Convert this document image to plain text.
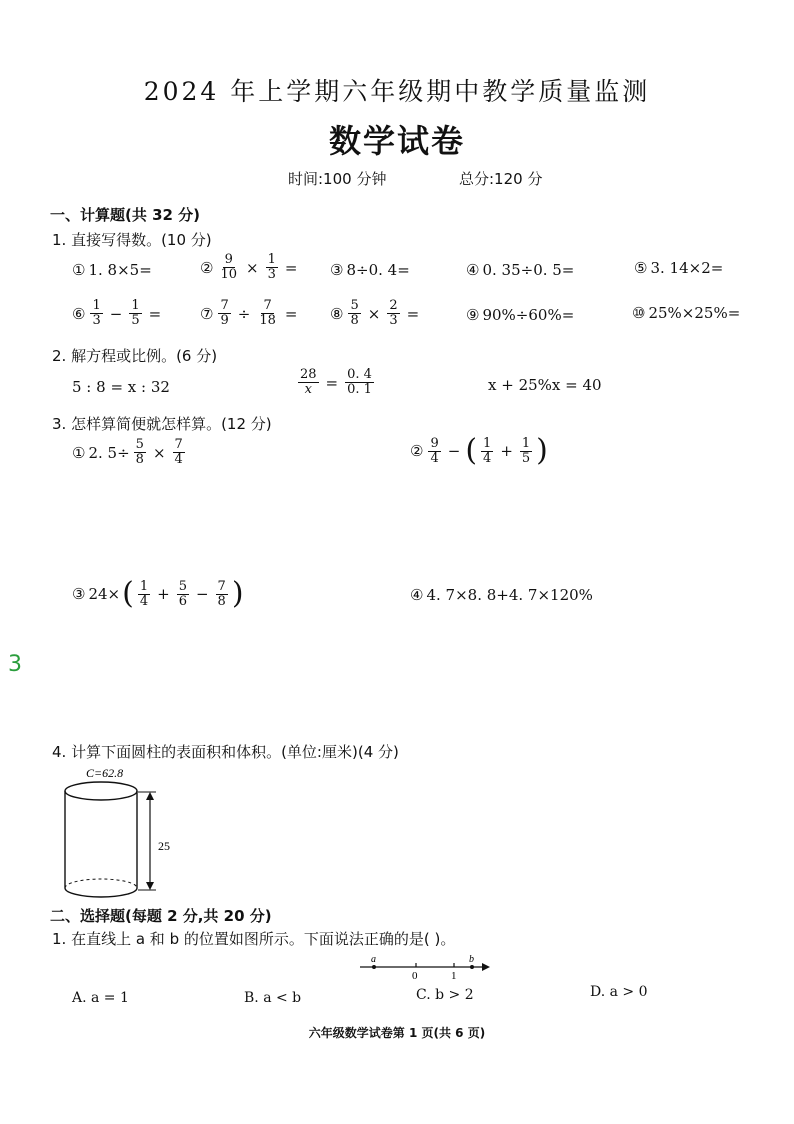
2024 年上学期六年级期中教学质量监测
数学试卷
时间:100 分钟	总分:120 分
一、计算题(共 32 分)
1. 直接写得数。(10 分)
① 1. 8×5=	② $\frac{9}{10} \times \frac{1}{3}$ = ③ 8÷0. 4=	④ 0. 35÷0. 5=	⑤ 3. 14×2=
⑥ $\frac{1}{3} - \frac{1}{5}$ =	⑦ $\frac{7}{9} \div \frac{7}{18}$ = ⑧ $\frac{5}{8} \times \frac{2}{3}$ =	⑨ 90%÷60%=	⑩ 25%×25%=
2. 解方程或比例。(6 分)
5 : 8 = x : 32	$\frac{28}{x} = \frac{0. 4}{0. 1}$	x + 25%x = 40
3. 怎样算简便就怎样算。(12 分)
① 2. $5\div \frac{5}{8} \times \frac{7}{4}$	② $\frac{9}{4}$ − ( $\frac{1}{4} + \frac{1}{5}$ )
③ 24× ( $\frac{1}{4} + \frac{5}{6} - \frac{7}{8}$ )	④ 4. 7×8. 8+4. 7×120%
3
4. 计算下面圆柱的表面积和体积。(单位:厘米)(4 分)
C=62.8
25
二、选择题(每题 2 分,共 20 分)
1. 在直线上 a 和 b 的位置如图所示。下面说法正确的是( )。
a
0	1
b
A. a = 1	B. a < b	C. b > 2	D. a > 0
六年级数学试卷第 1 页(共 6 页)
